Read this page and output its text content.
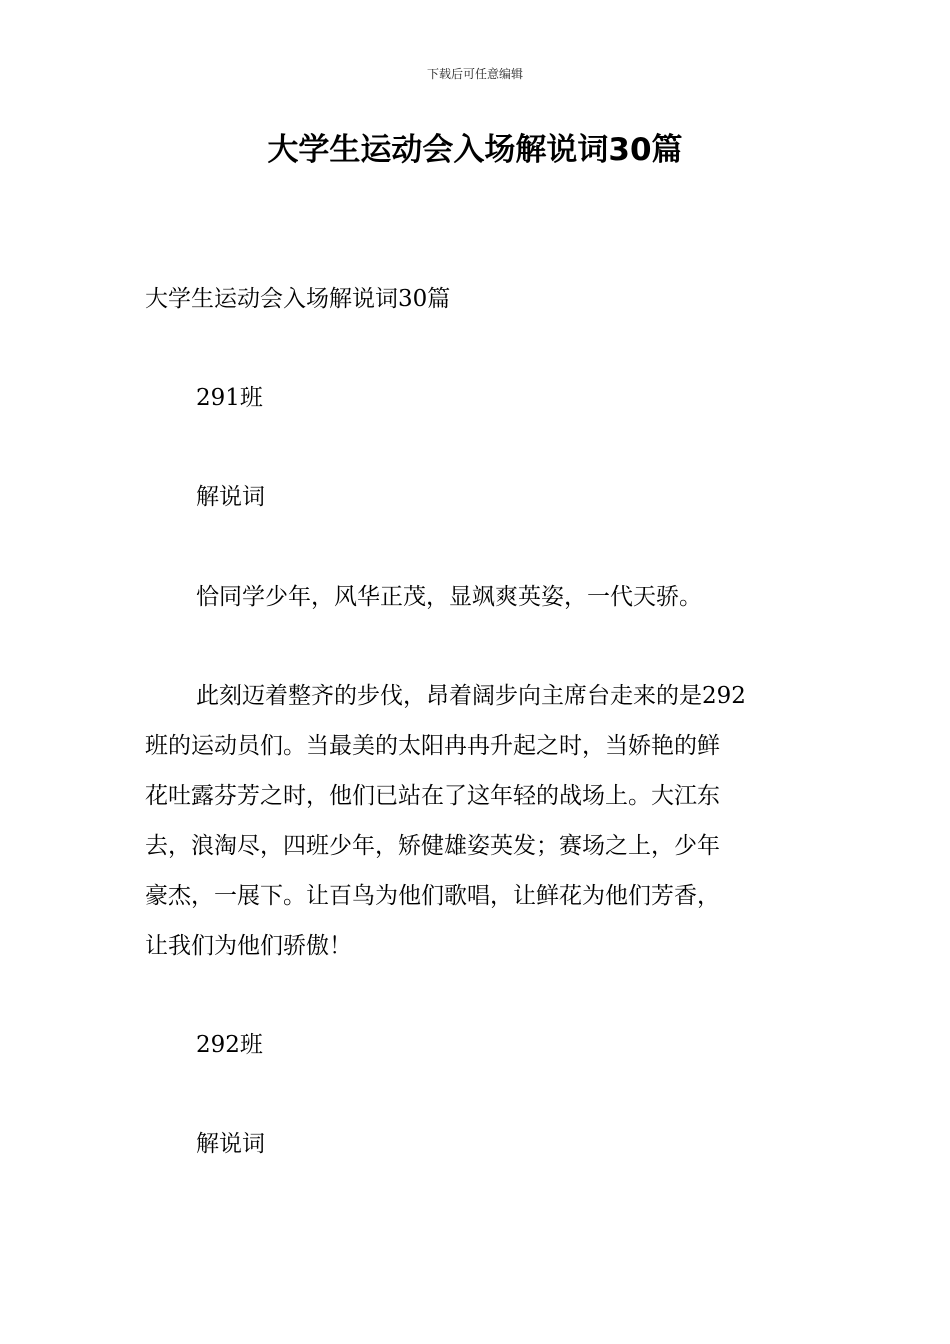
下载后可任意编辑
大学生运动会入场解说词30篇

大学生运动会入场解说词30篇

291班

解说词

恰同学少年，风华正茂，显飒爽英姿，一代天骄。

此刻迈着整齐的步伐，昂着阔步向主席台走来的是292
班的运动员们。当最美的太阳冉冉升起之时，当娇艳的鲜
花吐露芬芳之时，他们已站在了这年轻的战场上。大江东
去，浪淘尽，四班少年，矫健雄姿英发；赛场之上，少年
豪杰，一展下。让百鸟为他们歌唱，让鲜花为他们芳香，
让我们为他们骄傲！

292班

解说词
